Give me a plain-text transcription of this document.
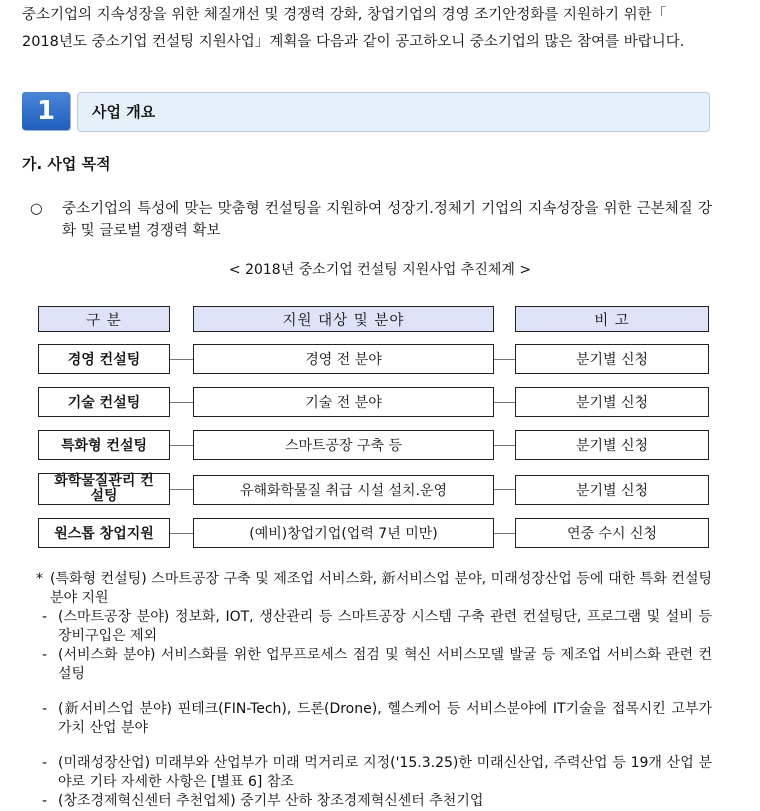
중소기업의 지속성장을 위한 체질개선 및 경쟁력 강화, 창업기업의 경영 조기안정화를 지원하기 위한「

2018년도 중소기업 컨설팅 지원사업」계획을 다음과 같이 공고하오니 중소기업의 많은 참여를 바랍니다.

1	사업 개요
가. 사업 목적
○ 중소기업의 특성에 맞는 맞춤형 컨설팅을 지원하여 성장기.정체기 기업의 지속성장을 위한 근본체질 강화 및 글로벌 경쟁력 확보
< 2018년 중소기업 컨설팅 지원사업 추진체계 >
구 분	지원 대상 및 분야	비 고
경영 컨설팅	경영 전 분야	분기별 신청
기술 컨설팅	기술 전 분야	분기별 신청
특화형 컨설팅	스마트공장 구축 등	분기별 신청
화학물질관리 컨설팅	유해화학물질 취급 시설 설치.운영	분기별 신청
원스톱 창업지원	(예비)창업기업(업력 7년 미만)	연중 수시 신청
* (특화형 컨설팅) 스마트공장 구축 및 제조업 서비스화, 新서비스업 분야, 미래성장산업 등에 대한 특화 컨설팅 분야 지원
- (스마트공장 분야) 정보화, IOT, 생산관리 등 스마트공장 시스템 구축 관련 컨설팅단, 프로그램 및 설비 등 장비구입은 제외
- (서비스화 분야) 서비스화를 위한 업무프로세스 점검 및 혁신 서비스모델 발굴 등 제조업 서비스화 관련 컨설팅
- (新서비스업 분야) 핀테크(FIN-Tech), 드론(Drone), 헬스케어 등 서비스분야에 IT기술을 접목시킨 고부가가치 산업 분야
- (미래성장산업) 미래부와 산업부가 미래 먹거리로 지정('15.3.25)한 미래신산업, 주력산업 등 19개 산업 분야로 기타 자세한 사항은 [별표 6] 참조
- (창조경제혁신센터 추천업체) 중기부 산하 창조경제혁신센터 추천기업
